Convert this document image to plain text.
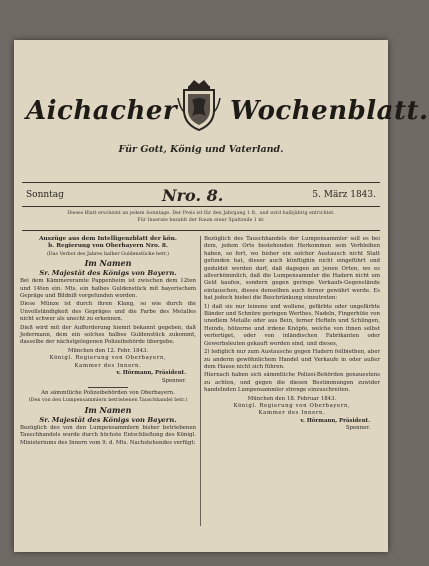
Aichacher Wochenblatt.
Für Gott, König und Vaterland.
Sonntag	Nro. 8.	5. März 1843.
Dieses Blatt erscheint an jedem Sonntage. Der Preis ist für den Jahrgang 1 fl., und wird halbjährig entrichtet.
Für Inserate bezahlt der Raum einer Spaltzeile 1 kr.
Auszüge aus dem Intelligenzblatt der kön.
b. Regierung von Oberbayern Nro. 8.
(Das Verbot des Jahres halber Guldenstücke betr.)
Im Namen
Sr. Majestät des Königs von Bayern.

Bei dem Kämmereramte Pappenheim ist zwischen dem 12ten und 14ten ein. Mts. ein halbes Guldenstück mit bayerischem Gepräge und Bildniß vorgefunden worden.

Diese Münze ist durch ihren Klang, so wie durch die Unvollständigkeit des Gepräges und die Farbe des Metalles nicht schwer als unecht zu erkennen.

Dieß wird mit der Aufforderung hiemit bekannt gegeben, daß Jedermann, dem ein solches halbes Guldenstück zukommt, dasselbe der nächstgelegenen Polizeibehörde übergebe.

München den 12. Febr. 1843.
Königl. Regierung von Oberbayern,
Kammer des Innern.
v. Hörmann, Präsident.
Spenner.
An sämmtliche Polizeibehörden von Oberbayern.
(Den von den Lumpensammlern betriebenen Tauschhandel betr.)
Im Namen
Sr. Majestät des Königs von Bayern.

Bezüglich des von den Lumpensammlern bisher betriebenen Tauschhandels wurde durch höchste Entschließung des Königl. Ministeriums des Innern vom 9. d. Mts. Nachstehendes verfügt:

Bezüglich des Tauschhandels der Lumpensammler soll es bei dem, jedem Orts bestehenden Herkommen sein Verbleiben haben, so fort, wo bisher ein solcher Austausch nicht Statt gefunden hat, dieser auch künftighin nicht eingeführt und geduldet werden darf, daß dagegen an jenen Orten, wo es allverkömmlich, daß die Lumpensammler die Hadern nicht um Geld kaufen, sondern gegen geringe Verkaufs-Gegenstände eintauschen, dieses denselben auch ferner gewährt werde. Es hat jedoch hiebei die Beschränkung einzutreten:

1) daß sie nur leinene und wollene, gefärbte oder ungefärbte Bänder und Schnüre geringen Werthes, Nadeln, Fingerhüte von unedlem Metalle oder aus Bein, ferner Hefteln und Schlingen, Heinds, hölzerne und irdene Knöpfe, welche von ihnen selbst verfertiget, oder von inländischen Fabrikanten oder Gewerbsleuten gekauft worden sind, und dieses,

2) lediglich nur zum Austausche gegen Hadern feilbiethen, aber zu anderm gewöhnlichem Handel und Verkaufe in oder außer dem Hause nicht sich führen.

Hiernach haben sich sämmtliche Polizei-Behörden genauestens zu achten, und gegen die diesen Bestimmungen zuwider handelnden Lumpensammler strenge einzuschreiten.

München den 18. Februar 1843.
Königl. Regierung von Oberbayern,
Kammer des Innern.
v. Hörmann, Präsident.
Spenner.
